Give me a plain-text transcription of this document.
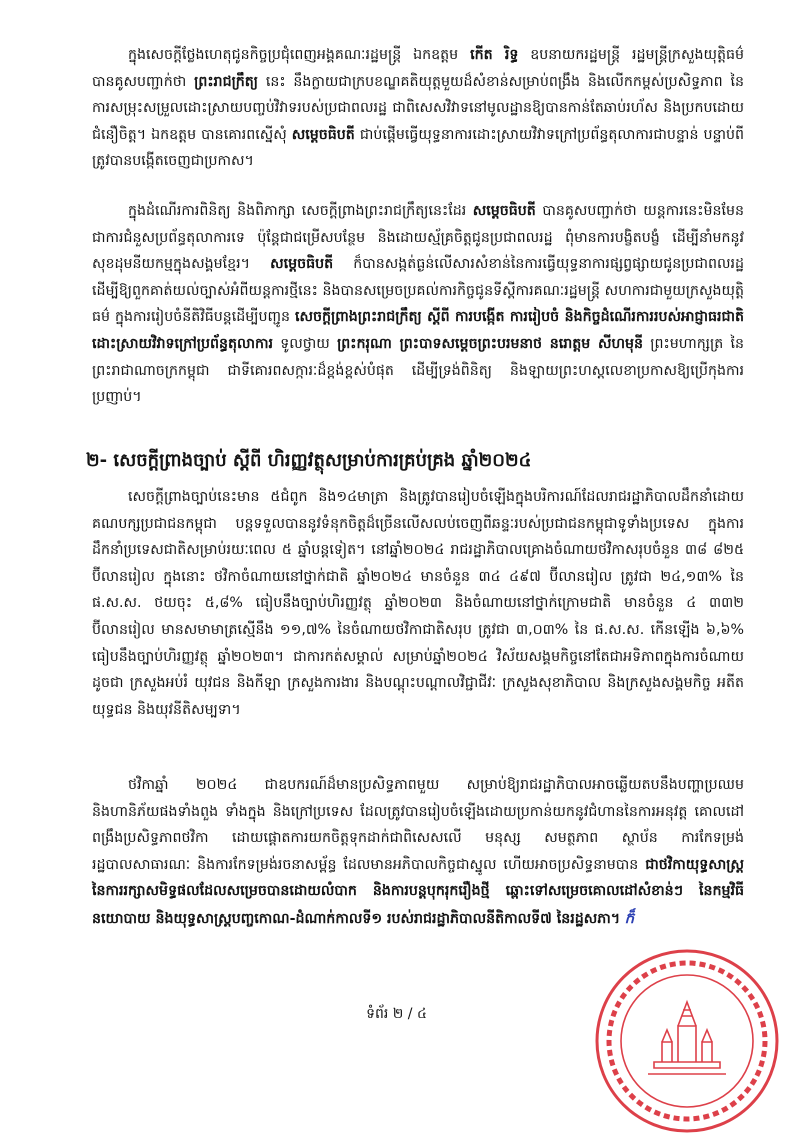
ក្នុងសេចក្តីថ្លែងហេតុជូនកិច្ចប្រជុំពេញអង្គគណៈរដ្ឋមន្ត្រី ឯកឧត្តម កើត រិទ្ធ ឧបនាយករដ្ឋមន្ត្រី រដ្ឋមន្ត្រីក្រសួងយុត្តិធម៌ បានគូសបញ្ជាក់ថា ព្រះរាជក្រឹត្យ នេះ នឹងក្លាយជាក្របខណ្ឌគតិយុត្តមួយដ៏សំខាន់សម្រាប់ពង្រឹង និងលើកកម្ពស់ប្រសិទ្ធភាព នៃការសម្រុះសម្រួលដោះស្រាយបញ្ចប់វិវាទរបស់ប្រជាពលរដ្ឋ ជាពិសេសវិវាទនៅមូលដ្ឋានឱ្យបានកាន់តែឆាប់រហ័ស និងប្រកបដោយជំនឿចិត្ត។ ឯកឧត្តម បានគោរពស្នើសុំ សម្តេចធិបតី ជាប់ផ្តើមធ្វើយុទ្ធនាការដោះស្រាយវិវាទក្រៅប្រព័ន្ធតុលាការជាបន្ទាន់ បន្ទាប់ពីត្រូវបានបង្កើតចេញជាប្រកាស។

ក្នុងដំណើរការពិនិត្យ និងពិភាក្សា សេចក្តីព្រាងព្រះរាជក្រឹត្យនេះដែរ សម្តេចធិបតី បានគូសបញ្ជាក់ថា យន្តការនេះមិនមែនជាការជំនួសប្រព័ន្ធតុលាការទេ ប៉ុន្តែជាជម្រើសបន្ថែម និងដោយស្ម័គ្រចិត្តជូនប្រជាពលរដ្ឋ ពុំមានការបង្ខិតបង្ខំ ដើម្បីនាំមកនូវសុខដុមនីយកម្មក្នុងសង្គមខ្មែរ។ សម្តេចធិបតី ក៏បានសង្កត់ធ្ងន់លើសារសំខាន់នៃការធ្វើយុទ្ធនាការផ្សព្វផ្សាយជូនប្រជាពលរដ្ឋដើម្បីឱ្យពួកគាត់យល់ច្បាស់អំពីយន្តការថ្មីនេះ និងបានសម្រេចប្រគល់ការកិច្ចជូនទីស្តីការគណៈរដ្ឋមន្ត្រី សហការជាមួយក្រសួងយុត្តិធម៌ ក្នុងការរៀបចំនីតិវិធីបន្តដើម្បីបញ្ជូន សេចក្តីព្រាងព្រះរាជក្រឹត្យ ស្តីពី ការបង្កើត ការរៀបចំ និងកិច្ចដំណើរការរបស់អាជ្ញាធរជាតិដោះស្រាយវិវាទក្រៅប្រព័ន្ធតុលាការ ទូលថ្វាយ ព្រះករុណា ព្រះបាទសម្តេចព្រះបរមនាថ នរោត្តម សីហមុនី ព្រះមហាក្សត្រ នៃព្រះរាជាណាចក្រកម្ពុជា ជាទីគោរពសក្ការៈដ៏ខ្ពង់ខ្ពស់បំផុត ដើម្បីទ្រង់ពិនិត្យ និងឡាយព្រះហស្តលេខាប្រកាសឱ្យប្រើកុងការប្រញាប់។

២- សេចក្តីព្រាងច្បាប់ ស្តីពី ហិរញ្ញវត្ថុសម្រាប់ការគ្រប់គ្រង ឆ្នាំ២០២៤

សេចក្តីព្រាងច្បាប់នេះមាន ៥ជំពូក និង១៤មាត្រា និងត្រូវបានរៀបចំឡើងក្នុងបរិការណ៍ដែលរាជរដ្ឋាភិបាលដឹកនាំដោយ គណបក្សប្រជាជនកម្ពុជា បន្តទទួលបាននូវទំនុកចិត្តដ៏ច្រើនលើសលប់ចេញពីឆន្ទៈរបស់ប្រជាជនកម្ពុជាទូទាំងប្រទេស ក្នុងការដឹកនាំប្រទេសជាតិសម្រាប់រយៈពេល ៥ ឆ្នាំបន្តទៀត។ នៅឆ្នាំ២០២៤ រាជរដ្ឋាភិបាលគ្រោងចំណាយថវិកាសរុបចំនួន ៣៨ ៨២៥ ប៊ីលានរៀល ក្នុងនោះ ថវិកាចំណាយនៅថ្នាក់ជាតិ ឆ្នាំ២០២៤ មានចំនួន ៣៤ ៤៩៧ ប៊ីលានរៀល ត្រូវជា ២៤,១៣% នៃ ផ.ស.ស. ថយចុះ ៥,៨% ធៀបនឹងច្បាប់ហិរញ្ញវត្ថុ ឆ្នាំ២០២៣ និងចំណាយនៅថ្នាក់ក្រោមជាតិ មានចំនួន ៤ ៣៣២ ប៊ីលានរៀល មានសមាមាត្រស្មើនឹង ១១,៧% នៃចំណាយថវិកាជាតិសរុប ត្រូវជា ៣,០៣% នៃ ផ.ស.ស. កើនឡើង ៦,៦% ធៀបនឹងច្បាប់ហិរញ្ញវត្ថុ ឆ្នាំ២០២៣។ ជាការកត់សម្គាល់ សម្រាប់ឆ្នាំ២០២៤ វិស័យសង្គមកិច្ចនៅតែជាអទិភាពក្នុងការចំណាយ ដូចជា ក្រសួងអប់រំ យុវជន និងកីឡា ក្រសួងការងារ និងបណ្តុះបណ្តាលវិជ្ជាជីវៈ ក្រសួងសុខាភិបាល និងក្រសួងសង្គមកិច្ច អតីតយុទ្ធជន និងយុវនីតិសម្បទា។

ថវិកាឆ្នាំ ២០២៤ ជាឧបករណ៍ដ៏មានប្រសិទ្ធភាពមួយ សម្រាប់ឱ្យរាជរដ្ឋាភិបាលអាចឆ្លើយតបនឹងបញ្ហាប្រឈម និងហានិភ័យផងទាំងពួង ទាំងក្នុង និងក្រៅប្រទេស ដែលត្រូវបានរៀបចំឡើងដោយប្រកាន់យកនូវជំហាននៃការអនុវត្ត គោលដៅពង្រឹងប្រសិទ្ធភាពថវិកា ដោយផ្តោតការយកចិត្តទុកដាក់ជាពិសេសលើ មនុស្ស សមត្ថភាព ស្ថាប័ន ការកែទម្រង់រដ្ឋបាលសាធារណៈ និងការកែទម្រង់រចនាសម្ព័ន្ធ ដែលមានអភិបាលកិច្ចជាស្នូល ហើយអាចប្រសិទ្ធនាមបាន ជាថវិកាយុទ្ធសាស្ត្រ នៃការរក្សាសមិទ្ធផលដែលសម្រេចបានដោយលំបាក និងការបន្តបុករុករឿងថ្មី ឆ្ពោះទៅសម្រេចគោលដៅសំខាន់ៗ នៃកម្មវិធីនយោបាយ និងយុទ្ធសាស្ត្របញ្ចកោណ-ដំណាក់កាលទី១ របស់រាជរដ្ឋាភិបាលនីតិកាលទី៧ នៃរដ្ឋសភា។ ក៏

ទំព័រ ២ / ៤
